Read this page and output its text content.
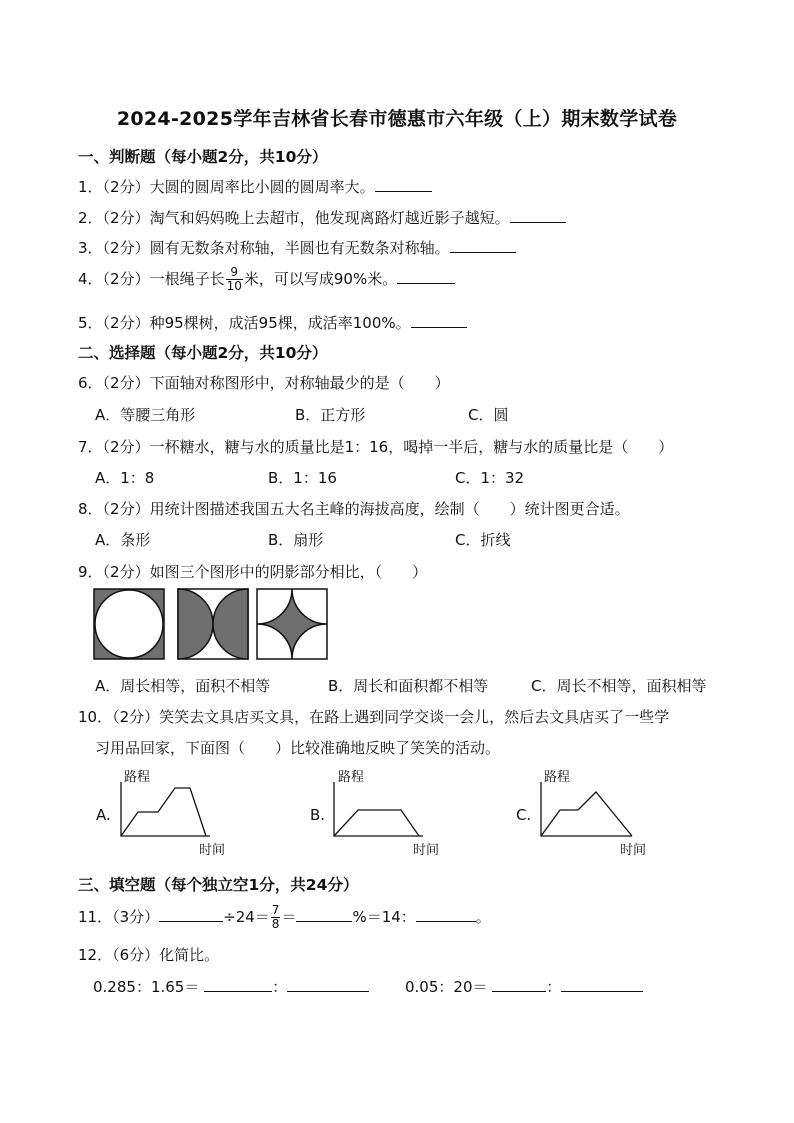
2024-2025学年吉林省长春市德惠市六年级（上）期末数学试卷
一、判断题（每小题2分，共10分）
1．（2分）大圆的圆周率比小圆的圆周率大。
2．（2分）淘气和妈妈晚上去超市，他发现离路灯越近影子越短。
3．（2分）圆有无数条对称轴，半圆也有无数条对称轴。
4．（2分）一根绳子长 $\frac{9}{10}$ 米，可以写成90%米。
5．（2分）种95棵树，成活95棵，成活率100%。
二、选择题（每小题2分，共10分）
6．（2分）下面轴对称图形中，对称轴最少的是（　　）
A．等腰三角形	B．正方形	C．圆
7．（2分）一杯糖水，糖与水的质量比是1：16，喝掉一半后，糖与水的质量比是（　　）
A．1：8	B．1：16	C．1：32
8．（2分）用统计图描述我国五大名主峰的海拔高度，绘制（　　）统计图更合适。
A．条形	B．扇形	C．折线
9．（2分）如图三个图形中的阴影部分相比，（　　）
A．周长相等，面积不相等	B．周长和面积都不相等	C．周长不相等，面积相等
10．（2分）笑笑去文具店买文具，在路上遇到同学交谈一会儿，然后去文具店买了一些学
习用品回家，下面图（　　）比较准确地反映了笑笑的活动。
A.
路程
时间
B.
路程
时间
C.
路程
时间
三、填空题（每个独立空1分，共24分）
11．（3分）	$\div 24= \frac{7}{8}$ ＝	%＝14：	。
12．（6分）化简比。
0.285：1.65＝	：	0.05：20＝	：
